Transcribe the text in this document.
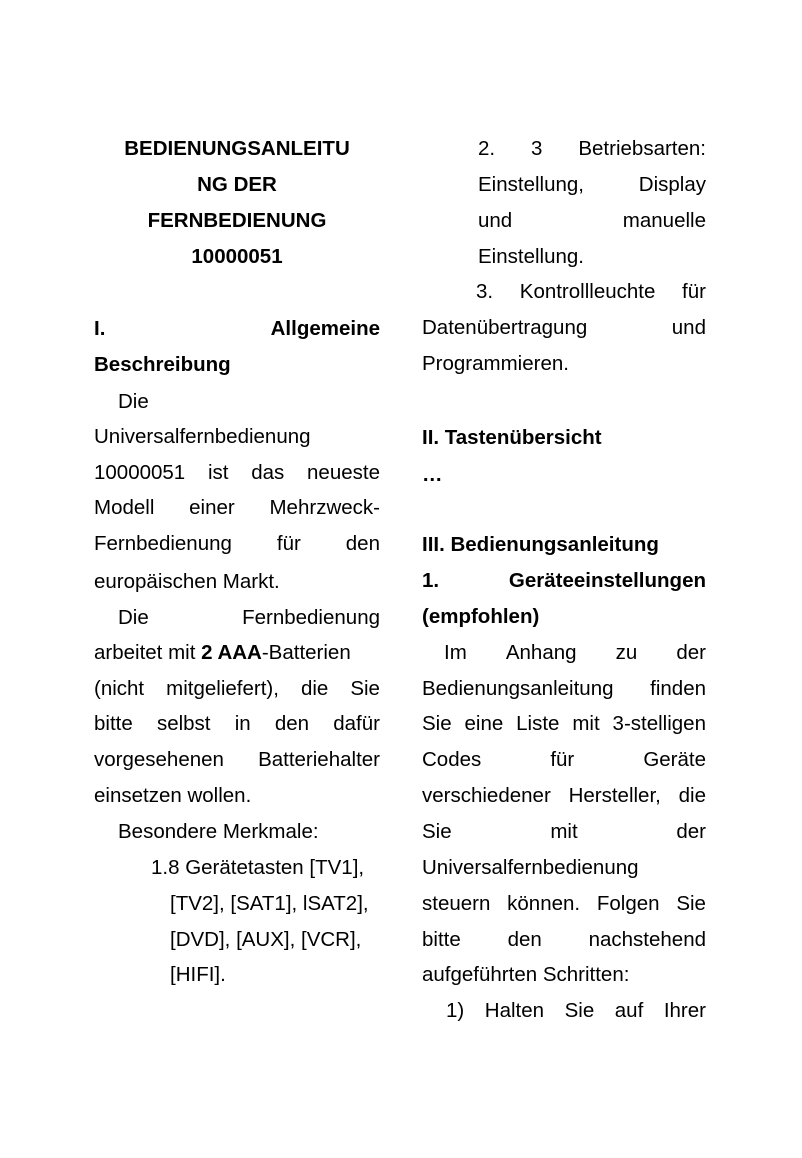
BEDIENUNGSANLEITU
NG DER
FERNBEDIENUNG
10000051
I.	Allgemeine
Beschreibung
Die
Universalfernbedienung
10000051 ist das neueste
Modell einer Mehrzweck-
Fernbedienung für den
europäischen Markt.
Die	Fernbedienung
arbeitet mit 2 AAA-Batterien
(nicht mitgeliefert), die Sie
bitte selbst in den dafür
vorgesehenen Batteriehalter
einsetzen wollen.
Besondere Merkmale:
1.8 Gerätetasten [TV1],
[TV2], [SAT1], lSAT2],
[DVD], [AUX], [VCR],
[HIFI].
2. 3 Betriebsarten:
Einstellung,	Display
und	manuelle
Einstellung.
3. Kontrollleuchte für
Datenübertragung	und
Programmieren.
II. Tastenübersicht
…
III. Bedienungsanleitung
1.	Geräteeinstellungen
(empfohlen)
Im Anhang zu der
Bedienungsanleitung finden
Sie eine Liste mit 3-stelligen
Codes	für	Geräte
verschiedener Hersteller, die
Sie	mit	der
Universalfernbedienung
steuern können. Folgen Sie
bitte den nachstehend
aufgeführten Schritten:
1) Halten Sie auf Ihrer
